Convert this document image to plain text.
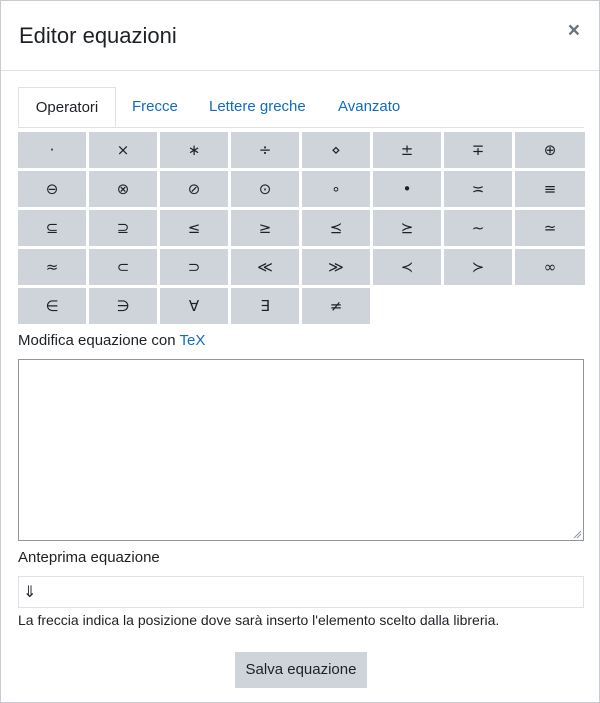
Editor equazioni	×
Operatori	Frecce Lettere greche Avanzato
·	×	∗	÷	⋄	±	∓	⊕
⊖	⊗	⊘	⊙	∘	•	≍	≡
⊆	⊇	≤	≥	⪯	⪰	∼	≃
≈	⊂	⊃	≪	≫	≺	≻	∞
∈	∋	∀	∃	≠
Modifica equazione con TeX
Anteprima equazione
⇓
La freccia indica la posizione dove sarà inserto l'elemento scelto dalla libreria.
Salva equazione
